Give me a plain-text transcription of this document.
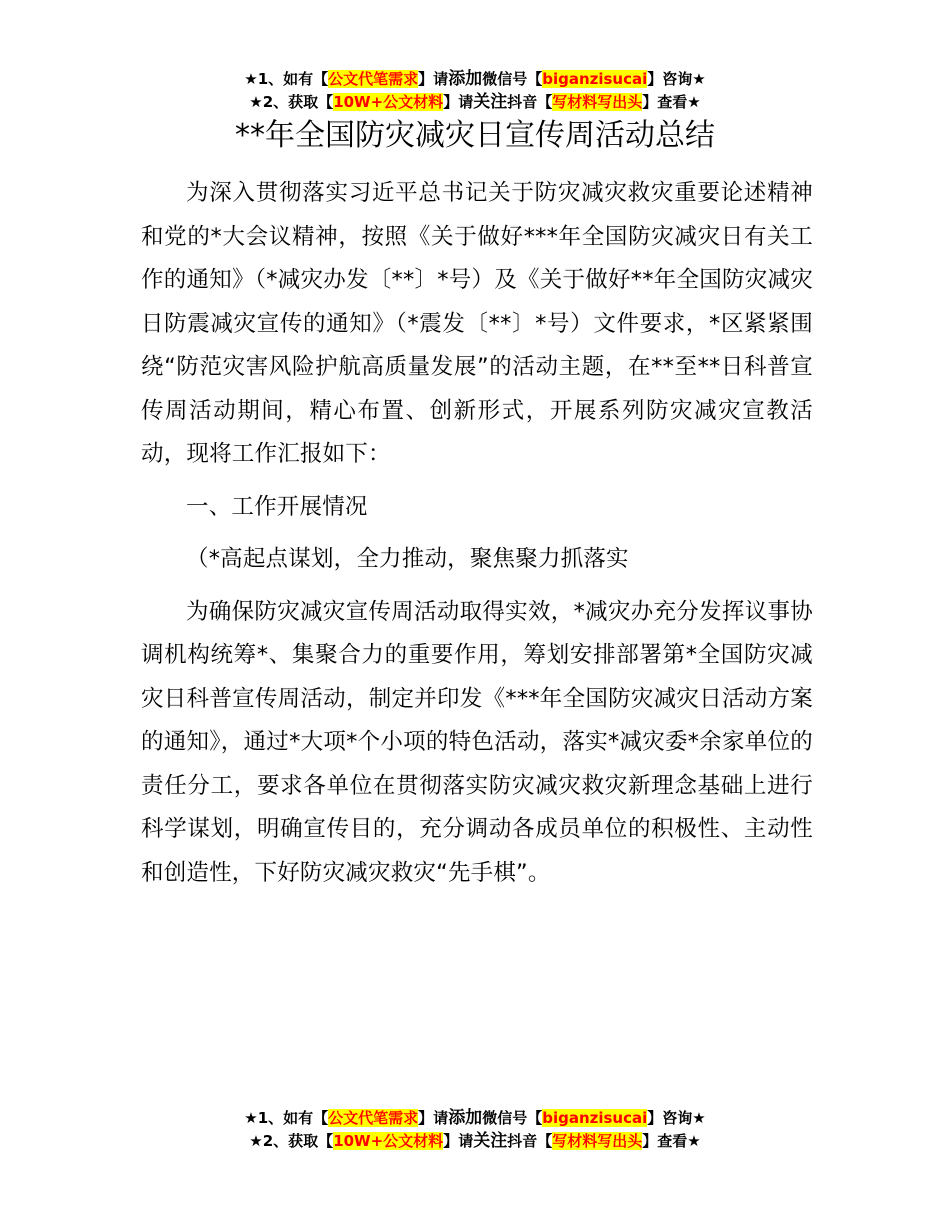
★1、如有【公文代笔需求】请添加微信号【biganzisucai】咨询★
★2、获取【10W+公文材料】请关注抖音【写材料写出头】查看★
**年全国防灾减灾日宣传周活动总结

为深入贯彻落实习近平总书记关于防灾减灾救灾重要论述精神和党的*大会议精神，按照《关于做好***年全国防灾减灾日有关工作的通知》（*减灾办发〔**〕*号）及《关于做好**年全国防灾减灾日防震减灾宣传的通知》（*震发〔**〕*号）文件要求，*区紧紧围绕“防范灾害风险护航高质量发展”的活动主题，在**至**日科普宣传周活动期间，精心布置、创新形式，开展系列防灾减灾宣教活动，现将工作汇报如下：

一、工作开展情况

（*高起点谋划，全力推动，聚焦聚力抓落实

为确保防灾减灾宣传周活动取得实效，*减灾办充分发挥议事协调机构统筹*、集聚合力的重要作用，筹划安排部署第*全国防灾减灾日科普宣传周活动，制定并印发《***年全国防灾减灾日活动方案的通知》，通过*大项*个小项的特色活动，落实*减灾委*余家单位的责任分工，要求各单位在贯彻落实防灾减灾救灾新理念基础上进行科学谋划，明确宣传目的，充分调动各成员单位的积极性、主动性和创造性，下好防灾减灾救灾“先手棋”。

★1、如有【公文代笔需求】请添加微信号【biganzisucai】咨询★
★2、获取【10W+公文材料】请关注抖音【写材料写出头】查看★
